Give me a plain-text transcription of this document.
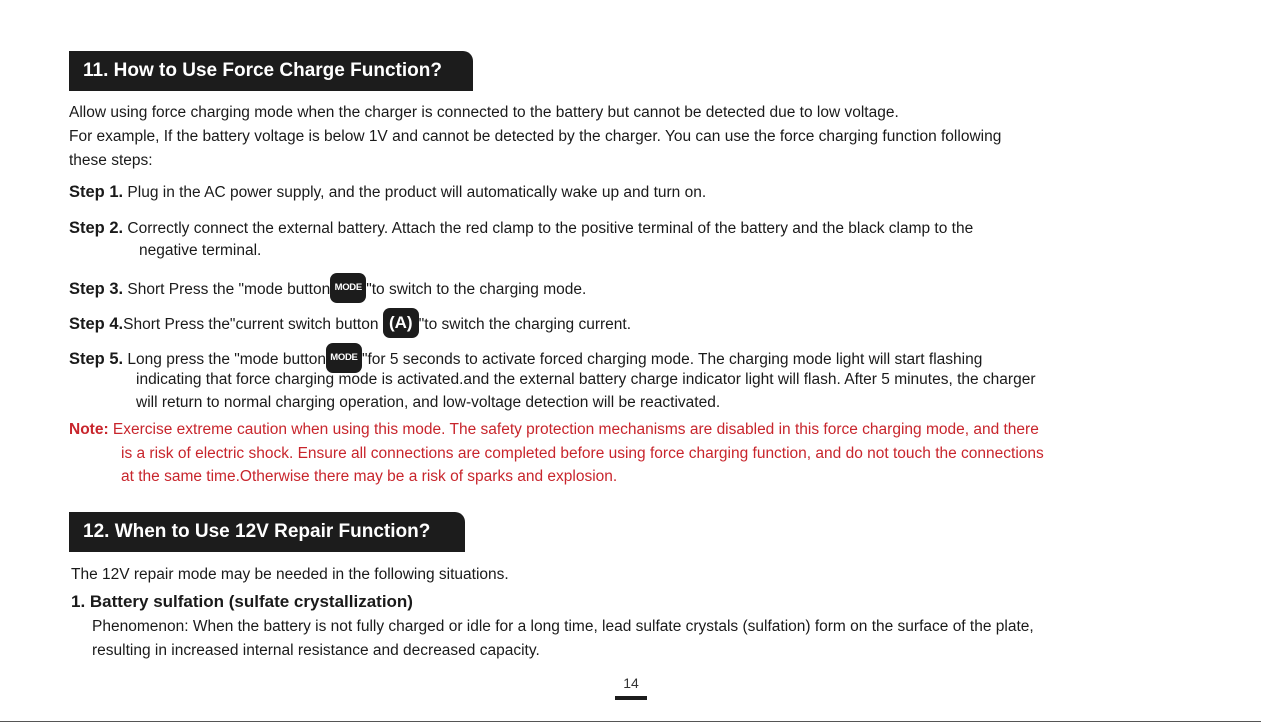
11. How to Use Force Charge Function?
Allow using force charging mode when the charger is connected to the battery but cannot be detected due to low voltage.
For example, If the battery voltage is below 1V and cannot be detected by the charger. You can use the force charging function following
these steps:
Step 1. Plug in the AC power supply, and the product will automatically wake up and turn on.
Step 2. Correctly connect the external battery. Attach the red clamp to the positive terminal of the battery and the black clamp to the
negative terminal.
Step 3. Short Press the "mode button MODE "to switch to the charging mode.
Step 4.Short Press the"current switch button (A) "to switch the charging current.
Step 5. Long press the "mode button MODE "for 5 seconds to activate forced charging mode. The charging mode light will start flashing
indicating that force charging mode is activated.and the external battery charge indicator light will flash. After 5 minutes, the charger
will return to normal charging operation, and low-voltage detection will be reactivated.
Note: Exercise extreme caution when using this mode. The safety protection mechanisms are disabled in this force charging mode, and there
is a risk of electric shock. Ensure all connections are completed before using force charging function, and do not touch the connections
at the same time.Otherwise there may be a risk of sparks and explosion.
12. When to Use 12V Repair Function?
The 12V repair mode may be needed in the following situations.
1. Battery sulfation (sulfate crystallization)
Phenomenon: When the battery is not fully charged or idle for a long time, lead sulfate crystals (sulfation) form on the surface of the plate,
resulting in increased internal resistance and decreased capacity.
14
